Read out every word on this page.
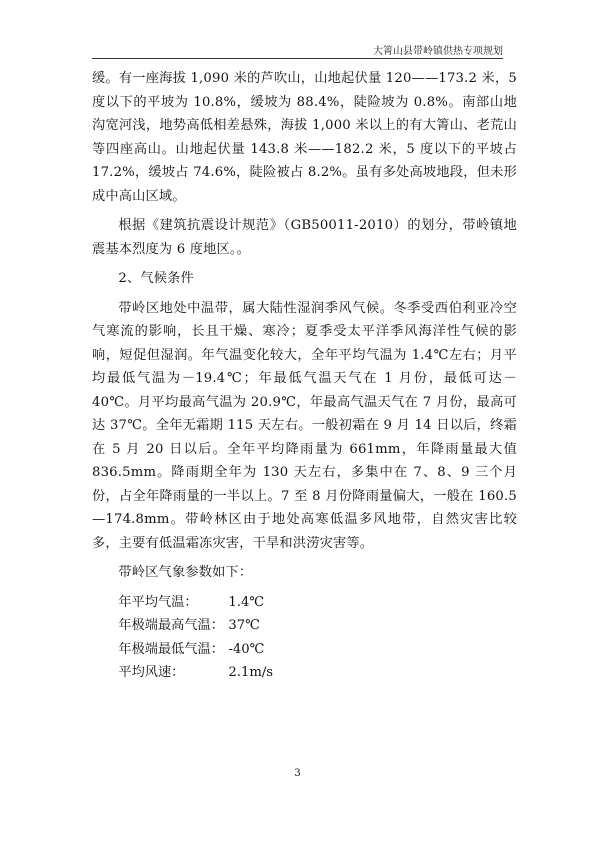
大箐山县带岭镇供热专项规划

缓。有一座海拔 1,090 米的芦吹山，山地起伏量 120——173.2 米，5 度以下的平坡为 10.8%，缓坡为 88.4%，陡险坡为 0.8%。南部山地沟宽河浅，地势高低相差悬殊，海拔 1,000 米以上的有大箐山、老荒山等四座高山。山地起伏量 143.8 米——182.2 米，5 度以下的平坡占 17.2%，缓坡占 74.6%，陡险被占 8.2%。虽有多处高坡地段，但未形成中高山区域。

根据《建筑抗震设计规范》（GB50011-2010）的划分，带岭镇地震基本烈度为 6 度地区。。

2、气候条件

带岭区地处中温带，属大陆性湿润季风气候。冬季受西伯利亚冷空气寒流的影响，长且干燥、寒冷；夏季受太平洋季风海洋性气候的影响，短促但湿润。年气温变化较大，全年平均气温为 1.4℃左右；月平均最低气温为－19.4℃；年最低气温天气在 1 月份，最低可达－40℃。月平均最高气温为 20.9℃，年最高气温天气在 7 月份，最高可达 37℃。全年无霜期 115 天左右。一般初霜在 9 月 14 日以后，终霜在 5 月 20 日以后。全年平均降雨量为 661mm，年降雨量最大值 836.5mm。降雨期全年为 130 天左右，多集中在 7、8、9 三个月份，占全年降雨量的一半以上。7 至 8 月份降雨量偏大，一般在 160.5—174.8mm。带岭林区由于地处高寒低温多风地带，自然灾害比较多，主要有低温霜冻灾害，干旱和洪涝灾害等。

带岭区气象参数如下：

年平均气温：	1.4℃
年极端最高气温： 37℃
年极端最低气温： -40℃
平均风速：	2.1m/s
3
